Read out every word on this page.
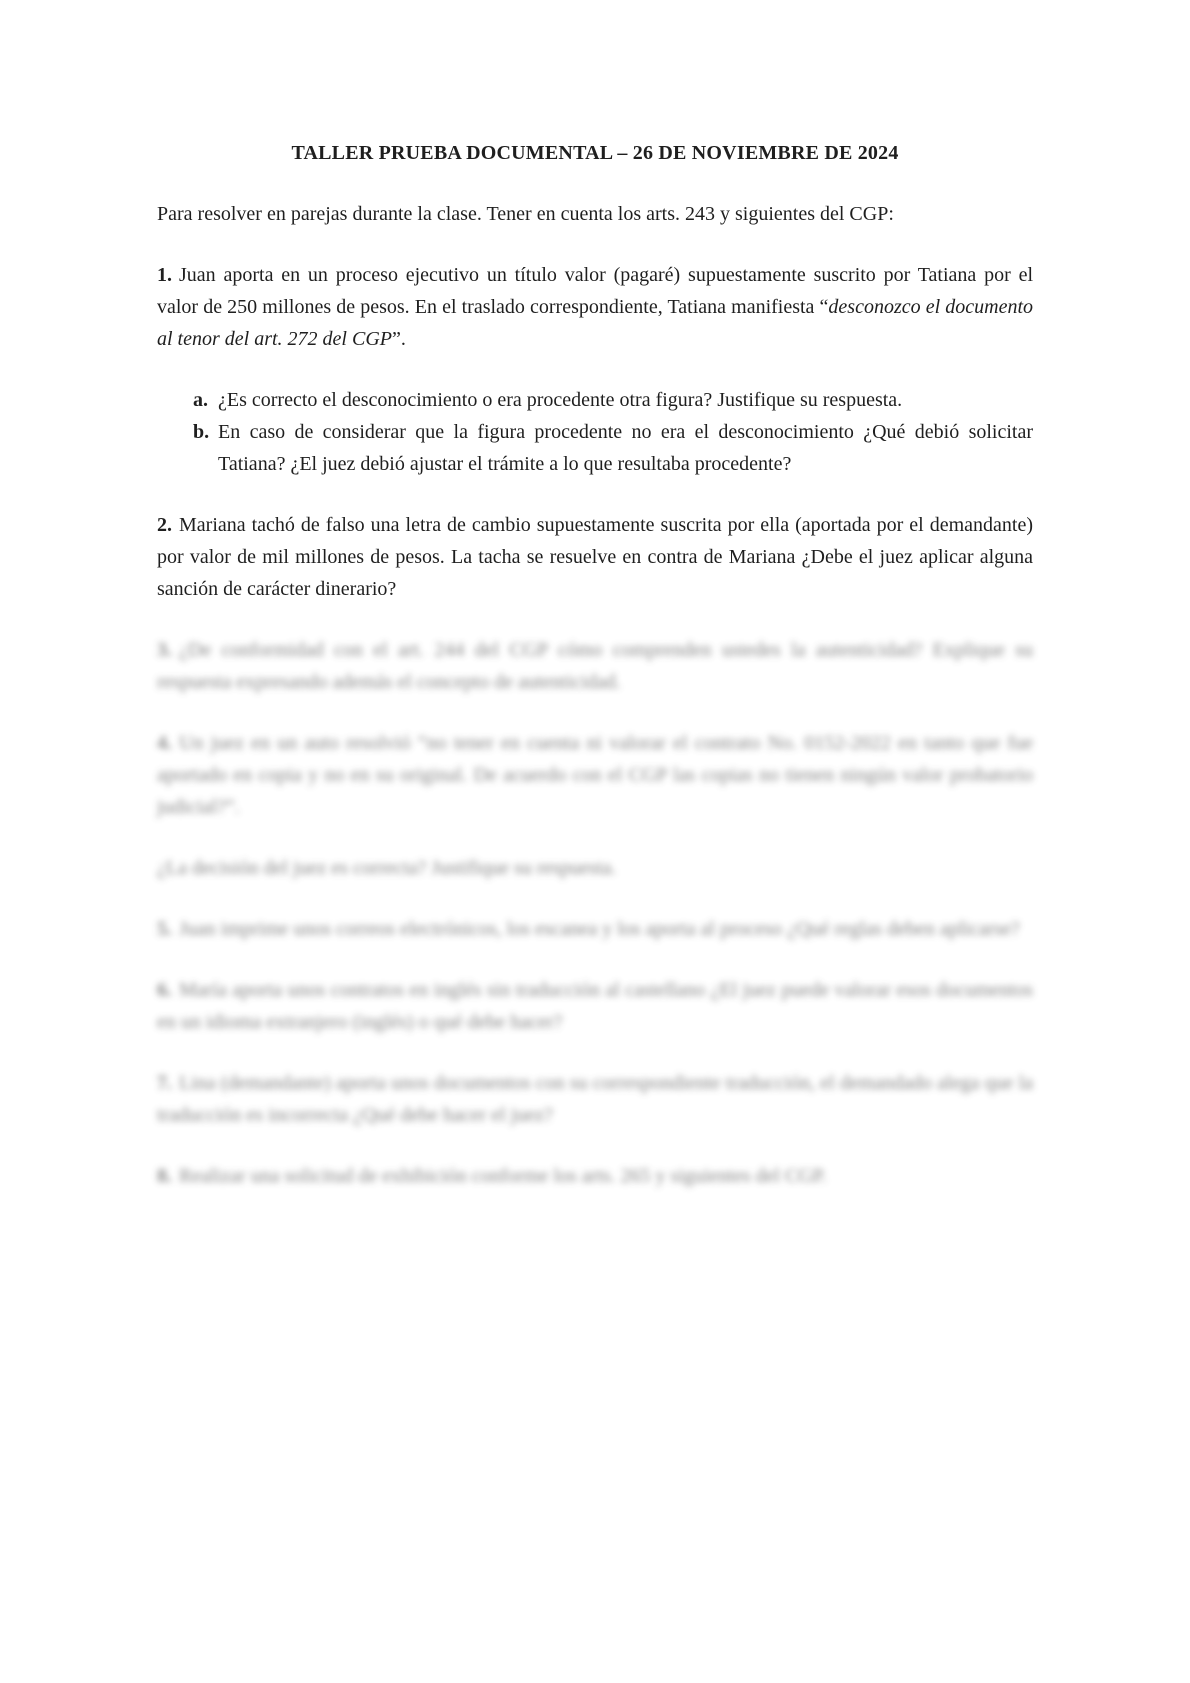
TALLER PRUEBA DOCUMENTAL – 26 DE NOVIEMBRE DE 2024

Para resolver en parejas durante la clase. Tener en cuenta los arts. 243 y siguientes del CGP:

1. Juan aporta en un proceso ejecutivo un título valor (pagaré) supuestamente suscrito por Tatiana por el valor de 250 millones de pesos. En el traslado correspondiente, Tatiana manifiesta “desconozco el documento al tenor del art. 272 del CGP”.

a. ¿Es correcto el desconocimiento o era procedente otra figura? Justifique su respuesta.
b. En caso de considerar que la figura procedente no era el desconocimiento ¿Qué debió solicitar Tatiana? ¿El juez debió ajustar el trámite a lo que resultaba procedente?

2. Mariana tachó de falso una letra de cambio supuestamente suscrita por ella (aportada por el demandante) por valor de mil millones de pesos. La tacha se resuelve en contra de Mariana ¿Debe el juez aplicar alguna sanción de carácter dinerario?

3. ¿De conformidad con el art. 244 del CGP cómo comprenden ustedes la autenticidad? Explique su respuesta expresando además el concepto de autenticidad.

4. Un juez en un auto resolvió “no tener en cuenta ni valorar el contrato No. 0152-2022 en tanto que fue aportado en copia y no en su original. De acuerdo con el CGP las copias no tienen ningún valor probatorio judicial?”.

¿La decisión del juez es correcta? Justifique su respuesta.

5. Juan imprime unos correos electrónicos, los escanea y los aporta al proceso ¿Qué reglas deben aplicarse?

6. María aporta unos contratos en inglés sin traducción al castellano ¿El juez puede valorar esos documentos en un idioma extranjero (inglés) o qué debe hacer?

7. Lina (demandante) aporta unos documentos con su correspondiente traducción, el demandado alega que la traducción es incorrecta ¿Qué debe hacer el juez?

8. Realizar una solicitud de exhibición conforme los arts. 265 y siguientes del CGP.
